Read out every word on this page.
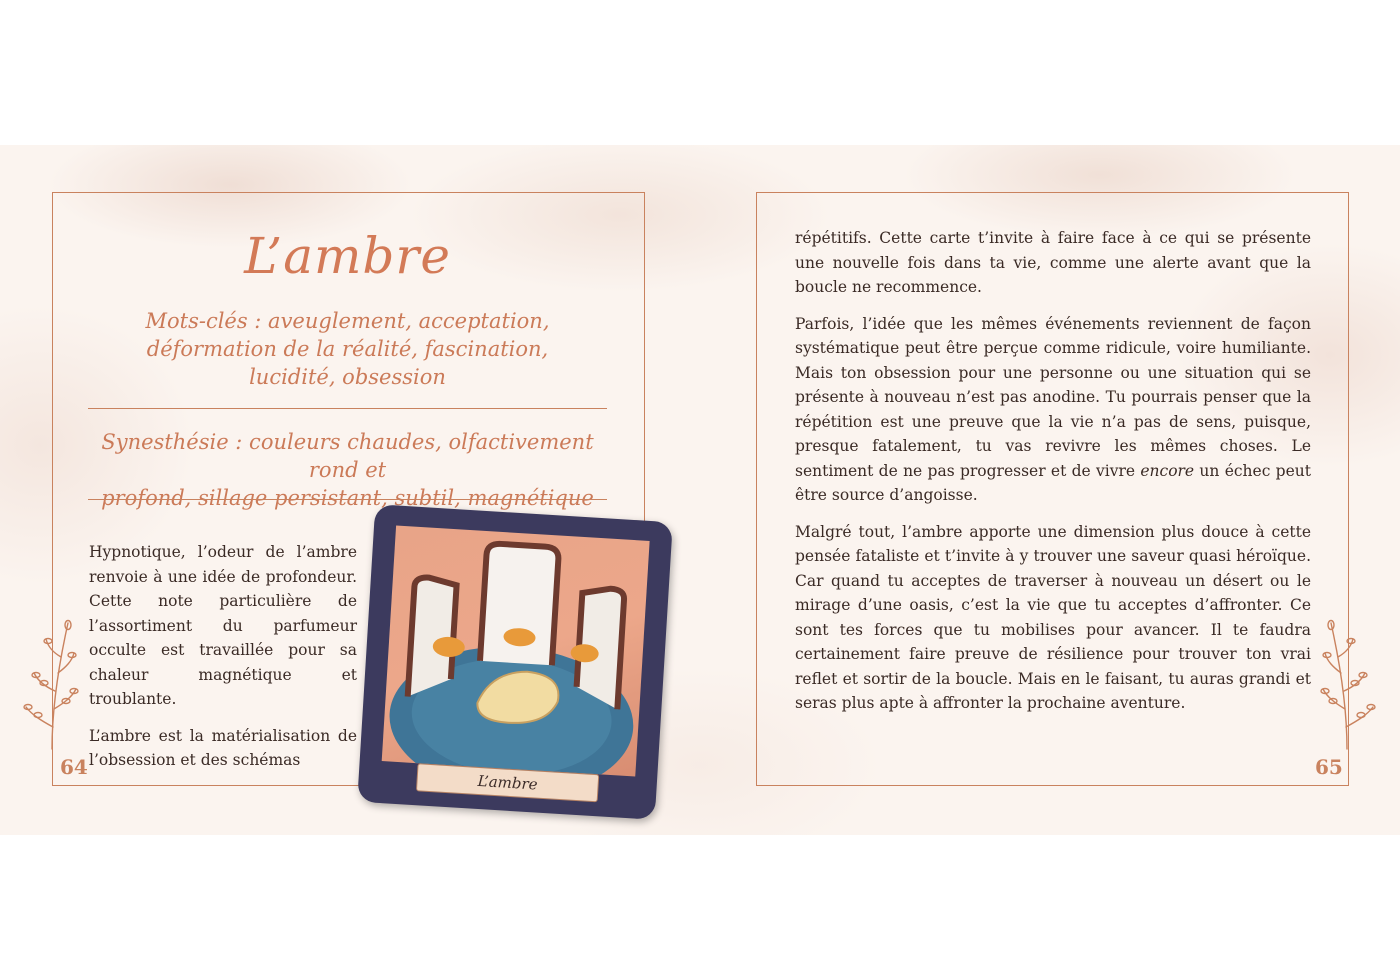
L’ambre
Mots-clés : aveuglement, acceptation,
déformation de la réalité, fascination,
lucidité, obsession
Synesthésie : couleurs chaudes, olfactivement rond et
profond, sillage persistant, subtil, magnétique

Hypnotique, l’odeur de l’ambre renvoie à une idée de profondeur. Cette note particulière de l’assortiment du parfumeur occulte est travaillée pour sa chaleur magnétique et troublante.

L’ambre est la matérialisation de l’obsession et des schémas

64
L’ambre

répétitifs. Cette carte t’invite à faire face à ce qui se présente une nouvelle fois dans ta vie, comme une alerte avant que la boucle ne recommence.

Parfois, l’idée que les mêmes événements reviennent de façon systématique peut être perçue comme ridicule, voire humiliante. Mais ton obsession pour une personne ou une situation qui se présente à nouveau n’est pas anodine. Tu pourrais penser que la répétition est une preuve que la vie n’a pas de sens, puisque, presque fatalement, tu vas revivre les mêmes choses. Le sentiment de ne pas progresser et de vivre encore un échec peut être source d’angoisse.

Malgré tout, l’ambre apporte une dimension plus douce à cette pensée fataliste et t’invite à y trouver une saveur quasi héroïque. Car quand tu acceptes de traverser à nouveau un désert ou le mirage d’une oasis, c’est la vie que tu acceptes d’affronter. Ce sont tes forces que tu mobilises pour avancer. Il te faudra certainement faire preuve de résilience pour trouver ton vrai reflet et sortir de la boucle. Mais en le faisant, tu auras grandi et seras plus apte à affronter la prochaine aventure.

65
